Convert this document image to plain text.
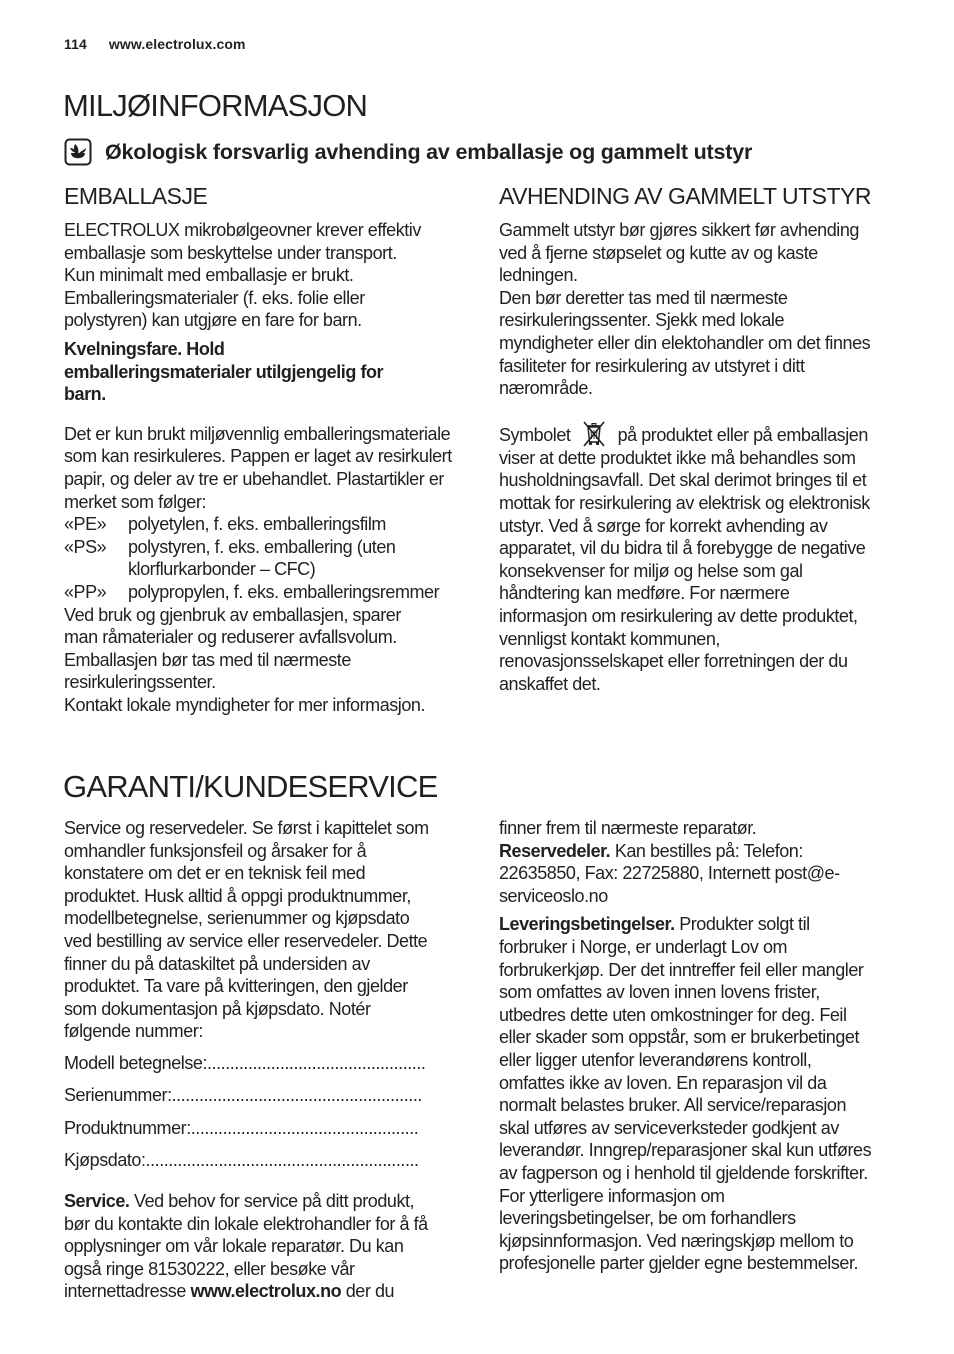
114 www.electrolux.com
MILJØINFORMASJON
Økologisk forsvarlig avhending av emballasje og gammelt utstyr
EMBALLASJE

ELECTROLUX mikrobølgeovner krever effektiv

emballasje som beskyttelse under transport.

Kun minimalt med emballasje er brukt.

Emballeringsmaterialer (f. eks. folie eller

polystyren) kan utgjøre en fare for barn.

Kvelningsfare. Hold

emballeringsmaterialer utilgjengelig for

barn.

Det er kun brukt miljøvennlig emballeringsmateriale

som kan resirkuleres. Pappen er laget av resirkulert

papir, og deler av tre er ubehandlet. Plastartikler er

merket som følger:

«PE»	polyetylen, f. eks. emballeringsfilm

«PS»	polystyren, f. eks. emballering (uten

klorflurkarbonder – CFC)

«PP»	polypropylen, f. eks. emballeringsremmer

Ved bruk og gjenbruk av emballasjen, sparer

man råmaterialer og reduserer avfallsvolum.

Emballasjen bør tas med til nærmeste

resirkuleringssenter.

Kontakt lokale myndigheter for mer informasjon.

AVHENDING AV GAMMELT UTSTYR

Gammelt utstyr bør gjøres sikkert før avhending

ved å fjerne støpselet og kutte av og kaste

ledningen.

Den bør deretter tas med til nærmeste

resirkuleringssenter. Sjekk med lokale

myndigheter eller din elektohandler om det finnes

fasiliteter for resirkulering av utstyret i ditt

nærområde.

Symbolet	på produktet eller på emballasjen

viser at dette produktet ikke må behandles som

husholdningsavfall. Det skal derimot bringes til et

mottak for resirkulering av elektrisk og elektronisk

utstyr. Ved å sørge for korrekt avhending av

apparatet, vil du bidra til å forebygge de negative

konsekvenser for miljø og helse som gal

håndtering kan medføre. For nærmere

informasjon om resirkulering av dette produktet,

vennligst kontakt kommunen,

renovasjonsselskapet eller forretningen der du

anskaffet det.

GARANTI/KUNDESERVICE

Service og reservedeler. Se først i kapittelet som

omhandler funksjonsfeil og årsaker for å

konstatere om det er en teknisk feil med

produktet. Husk alltid å oppgi produktnummer,

modellbetegnelse, serienummer og kjøpsdato

ved bestilling av service eller reservedeler. Dette

finner du på dataskiltet på undersiden av

produktet. Ta vare på kvitteringen, den gjelder

som dokumentasjon på kjøpsdato. Notér

følgende nummer:

Modell betegnelse:................................................

Serienummer:.......................................................

Produktnummer:..................................................

Kjøpsdato:............................................................

Service. Ved behov for service på ditt produkt,

bør du kontakte din lokale elektrohandler for å få

opplysninger om vår lokale reparatør. Du kan

også ringe 81530222, eller besøke vår

internettadresse www.electrolux.no der du

finner frem til nærmeste reparatør.

Reservedeler. Kan bestilles på: Telefon:

22635850, Fax: 22725880, Internett post@e-

serviceoslo.no

Leveringsbetingelser. Produkter solgt til

forbruker i Norge, er underlagt Lov om

forbrukerkjøp. Der det inntreffer feil eller mangler

som omfattes av loven innen lovens frister,

utbedres dette uten omkostninger for deg. Feil

eller skader som oppstår, som er brukerbetinget

eller ligger utenfor leverandørens kontroll,

omfattes ikke av loven. En reparasjon vil da

normalt belastes bruker. All service/reparasjon

skal utføres av serviceverksteder godkjent av

leverandør. Inngrep/reparasjoner skal kun utføres

av fagperson og i henhold til gjeldende forskrifter.

For ytterligere informasjon om

leveringsbetingelser, be om forhandlers

kjøpsinnformasjon. Ved næringskjøp mellom to

profesjonelle parter gjelder egne bestemmelser.
